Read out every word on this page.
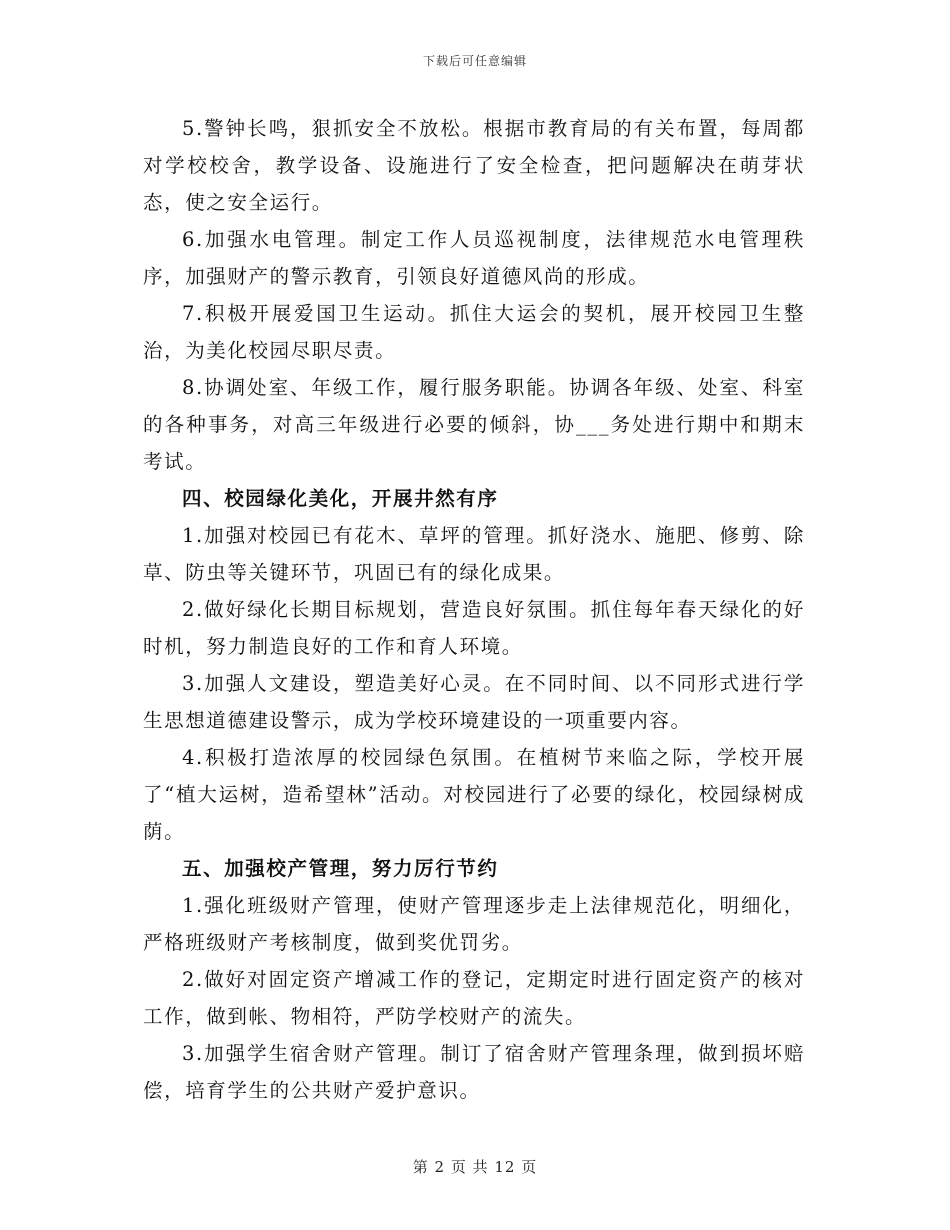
下载后可任意编辑

5.警钟长鸣，狠抓安全不放松。根据市教育局的有关布置，每周都对学校校舍，教学设备、设施进行了安全检查，把问题解决在萌芽状态，使之安全运行。

6.加强水电管理。制定工作人员巡视制度，法律规范水电管理秩序，加强财产的警示教育，引领良好道德风尚的形成。

7.积极开展爱国卫生运动。抓住大运会的契机，展开校园卫生整治，为美化校园尽职尽责。

8.协调处室、年级工作，履行服务职能。协调各年级、处室、科室的各种事务，对高三年级进行必要的倾斜，协___务处进行期中和期末考试。

四、校园绿化美化，开展井然有序

1.加强对校园已有花木、草坪的管理。抓好浇水、施肥、修剪、除草、防虫等关键环节，巩固已有的绿化成果。

2.做好绿化长期目标规划，营造良好氛围。抓住每年春天绿化的好时机，努力制造良好的工作和育人环境。

3.加强人文建设，塑造美好心灵。在不同时间、以不同形式进行学生思想道德建设警示，成为学校环境建设的一项重要内容。

4.积极打造浓厚的校园绿色氛围。在植树节来临之际，学校开展了“植大运树，造希望林”活动。对校园进行了必要的绿化，校园绿树成荫。

五、加强校产管理，努力厉行节约

1.强化班级财产管理，使财产管理逐步走上法律规范化，明细化，严格班级财产考核制度，做到奖优罚劣。

2.做好对固定资产增减工作的登记，定期定时进行固定资产的核对工作，做到帐、物相符，严防学校财产的流失。

3.加强学生宿舍财产管理。制订了宿舍财产管理条理，做到损坏赔偿，培育学生的公共财产爱护意识。

第 2 页 共 12 页
